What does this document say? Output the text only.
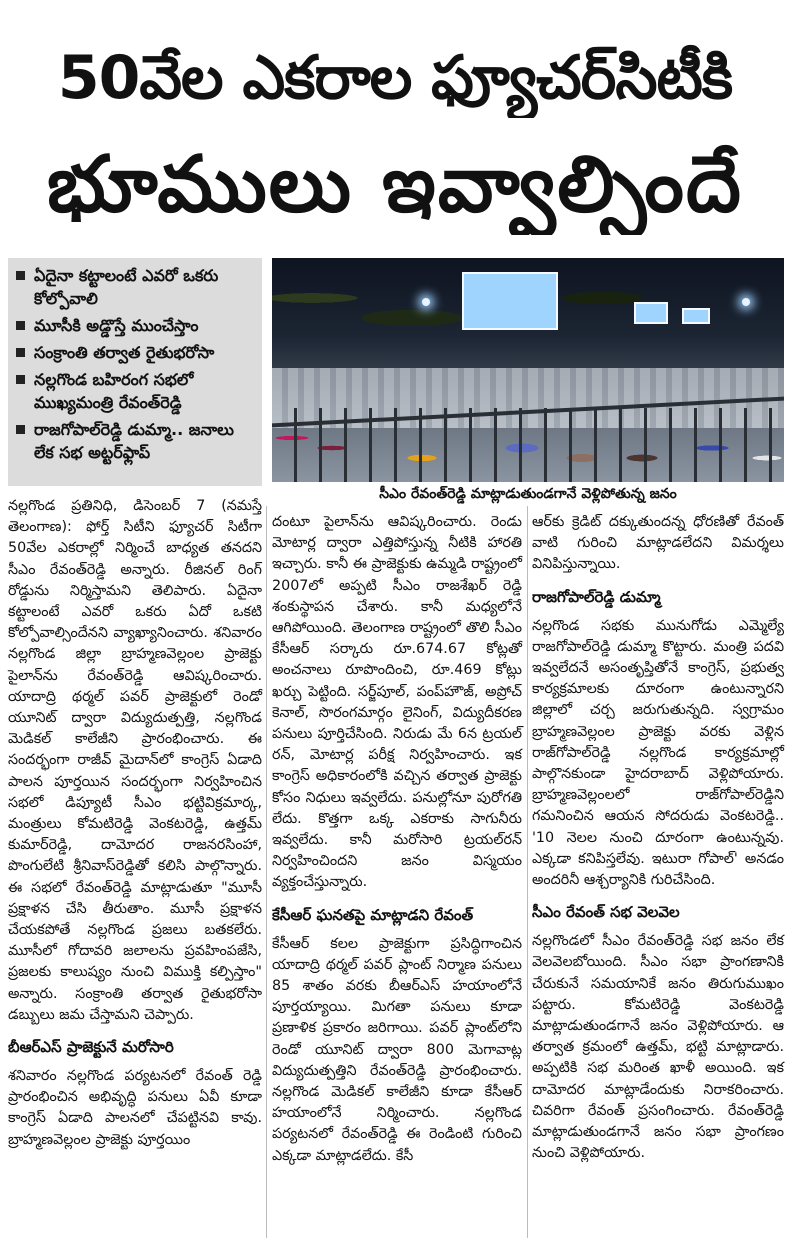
50వేల ఎకరాల ఫ్యూచర్‌సిటీకి
భూములు ఇవ్వాల్సిందే
ఏదైనా కట్టాలంటే ఎవరో ఒకరు కోల్పోవాలి
మూసీకి అడ్డొస్తే ముంచేస్తాం
సంక్రాంతి తర్వాత రైతుభరోసా
నల్లగొండ బహిరంగ సభలో ముఖ్యమంత్రి రేవంత్‌రెడ్డి
రాజగోపాల్‌రెడ్డి డుమ్మా.. జనాలు లేక సభ అట్టర్‌ఫ్లాప్‌
సీఎం రేవంత్‌రెడ్డి మాట్లాడుతుండగానే వెళ్లిపోతున్న జనం

నల్లగొండ ప్రతినిధి, డిసెంబర్‌ 7 (నమస్తే తెలంగాణ): ఫోర్త్‌ సిటీని ఫ్యూచర్‌ సిటీగా 50వేల ఎకరాల్లో నిర్మించే బాధ్యత తనదని సీఎం రేవంత్‌రెడ్డి అన్నారు. రీజినల్‌ రింగ్‌ రోడ్డును నిర్మిస్తామని తెలిపారు. ఏదైనా కట్టాలంటే ఎవరో ఒకరు ఏదో ఒకటి కోల్పోవాల్సిందేనని వ్యాఖ్యానించారు. శనివారం నల్లగొండ జిల్లా బ్రాహ్మణవెల్లంల ప్రాజెక్టు పైలాన్‌ను రేవంత్‌రెడ్డి ఆవిష్కరించారు. యాదాద్రి థర్మల్‌ పవర్‌ ప్రాజెక్టులో రెండో యూనిట్‌ ద్వారా విద్యుదుత్పత్తి, నల్లగొండ మెడికల్‌ కాలేజీని ప్రారంభించారు. ఈ సందర్భంగా రాజీవ్‌ మైదాన్‌లో కాంగ్రెస్‌ ఏడాది పాలన పూర్తయిన సందర్భంగా నిర్వహించిన సభలో డిప్యూటీ సీఎం భట్టివిక్రమార్క, మంత్రులు కోమటిరెడ్డి వెంకటరెడ్డి, ఉత్తమ్‌ కుమార్‌రెడ్డి, దామోదర రాజనరసింహా, పొంగులేటి శ్రీనివాస్‌రెడ్డితో కలిసి పాల్గొన్నారు. ఈ సభలో రేవంత్‌రెడ్డి మాట్లాడుతూ "మూసీ ప్రక్షాళన చేసి తీరుతాం. మూసీ ప్రక్షాళన చేయకపోతే నల్లగొండ ప్రజలు బతకలేరు. మూసీలో గోదావరి జలాలను ప్రవహింపజేసి, ప్రజలకు కాలుష్యం నుంచి విముక్తి కల్పిస్తాం" అన్నారు. సంక్రాంతి తర్వాత రైతుభరోసా డబ్బులు జమ చేస్తామని చెప్పారు.

బీఆర్‌ఎస్‌ ప్రాజెక్టునే మరోసారి

శనివారం నల్లగొండ పర్యటనలో రేవంత్‌ రెడ్డి ప్రారంభించిన అభివృద్ధి పనులు ఏవీ కూడా కాంగ్రెస్‌ ఏడాది పాలనలో చేపట్టినవి కావు. బ్రాహ్మణవెల్లంల ప్రాజెక్టు పూర్తయిం

దంటూ పైలాన్‌ను ఆవిష్కరించారు. రెండు మోటార్ల ద్వారా ఎత్తిపోస్తున్న నీటికి హారతి ఇచ్చారు. కానీ ఈ ప్రాజెక్టుకు ఉమ్మడి రాష్ట్రంలో 2007లో అప్పటి సీఎం రాజశేఖర్‌ రెడ్డి శంకుస్థాపన చేశారు. కానీ మధ్యలోనే ఆగిపోయింది. తెలంగాణ రాష్ట్రంలో తొలి సీఎం కేసీఆర్‌ సర్కారు రూ.674.67 కోట్లతో అంచనాలు రూపొందించి, రూ.469 కోట్లు ఖర్చు పెట్టింది. సర్జ్‌పూల్‌, పంప్‌హౌజ్‌, అప్రోచ్‌ కెనాల్‌, సొరంగమార్గం లైనింగ్‌, విద్యుదీకరణ పనులు పూర్తిచేసింది. నిరుడు మే 6న ట్రయల్‌ రన్‌, మోటార్ల పరీక్ష నిర్వహించారు. ఇక కాంగ్రెస్‌ అధికారంలోకి వచ్చిన తర్వాత ప్రాజెక్టు కోసం నిధులు ఇవ్వలేదు. పనుల్లోనూ పురోగతి లేదు. కొత్తగా ఒక్క ఎకరాకు సాగునీరు ఇవ్వలేదు. కానీ మరోసారి ట్రయల్‌రన్‌ నిర్వహించిందని జనం విస్మయం వ్యక్తంచేస్తున్నారు.

కేసీఆర్‌ ఘనతపై మాట్లాడని రేవంత్‌

కేసీఆర్‌ కలల ప్రాజెక్టుగా ప్రసిద్ధిగాంచిన యాదాద్రి థర్మల్‌ పవర్‌ ప్లాంట్‌ నిర్మాణ పనులు 85 శాతం వరకు బీఆర్‌ఎస్‌ హయాంలోనే పూర్తయ్యాయి. మిగతా పనులు కూడా ప్రణాళిక ప్రకారం జరిగాయి. పవర్‌ ప్లాంట్‌లోని రెండో యూనిట్‌ ద్వారా 800 మెగావాట్ల విద్యుదుత్పత్తిని రేవంత్‌రెడ్డి ప్రారంభించారు. నల్లగొండ మెడికల్‌ కాలేజీని కూడా కేసీఆర్‌ హయాంలోనే నిర్మించారు. నల్లగొండ పర్యటనలో రేవంత్‌రెడ్డి ఈ రెండింటి గురించి ఎక్కడా మాట్లాడలేదు. కేసీ

ఆర్‌కు క్రెడిట్‌ దక్కుతుందన్న ధోరణితో రేవంత్‌ వాటి గురించి మాట్లాడలేదని విమర్శలు వినిపిస్తున్నాయి.

రాజగోపాల్‌రెడ్డి డుమ్మా

నల్లగొండ సభకు మునుగోడు ఎమ్మెల్యే రాజగోపాల్‌రెడ్డి డుమ్మా కొట్టారు. మంత్రి పదవి ఇవ్వలేదనే అసంతృప్తితోనే కాంగ్రెస్‌, ప్రభుత్వ కార్యక్రమాలకు దూరంగా ఉంటున్నారని జిల్లాలో చర్చ జరుగుతున్నది. స్వగ్రామం బ్రాహ్మణవెల్లంల ప్రాజెక్టు వరకు వెళ్లిన రాజ్‌గోపాల్‌రెడ్డి నల్లగొండ కార్యక్రమాల్లో పాల్గొనకుండా హైదరాబాద్‌ వెళ్లిపోయారు. బ్రాహ్మణవెల్లంలలో రాజ్‌గోపాల్‌రెడ్డిని గమనించిన ఆయన సోదరుడు వెంకటరెడ్డి.. '10 నెలల నుంచి దూరంగా ఉంటున్నవు. ఎక్కడా కనిపిస్తలేవు. ఇటురా గోపాల్‌' అనడం అందరినీ ఆశ్చర్యానికి గురిచేసింది.

సీఎం రేవంత్‌ సభ వెలవెల

నల్లగొండలో సీఎం రేవంత్‌రెడ్డి సభ జనం లేక వెలవెలబోయింది. సీఎం సభా ప్రాంగణానికి చేరుకునే సమయానికే జనం తిరుగుముఖం పట్టారు. కోమటిరెడ్డి వెంకటరెడ్డి మాట్లాడుతుండగానే జనం వెళ్లిపోయారు. ఆ తర్వాత క్రమంలో ఉత్తమ్‌, భట్టి మాట్లాడారు. అప్పటికి సభ మరింత ఖాళీ అయింది. ఇక దామోదర మాట్లాడేందుకు నిరాకరించారు. చివరిగా రేవంత్‌ ప్రసంగించారు. రేవంత్‌రెడ్డి మాట్లాడుతుండగానే జనం సభా ప్రాంగణం నుంచి వెళ్లిపోయారు.
